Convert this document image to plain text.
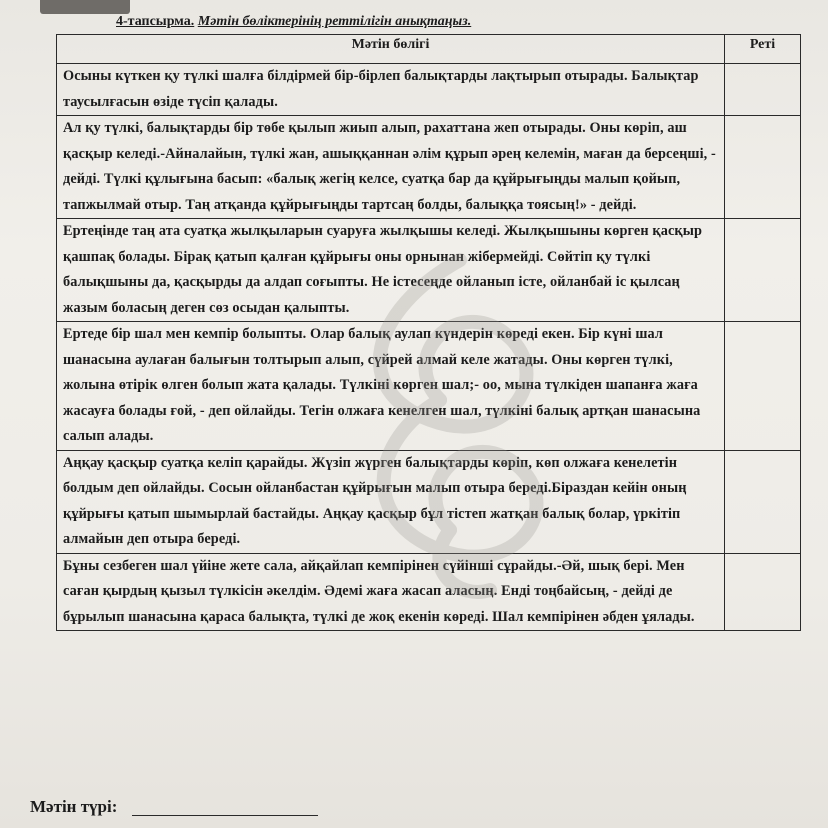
4-тапсырма. Мәтін бөліктерінің реттілігін анықтаңыз.
Мәтін бөлігі	Реті
Осыны күткен қу түлкі шалға білдірмей бір-бірлеп балықтарды лақтырып отырады. Балықтар таусылғасын өзіде түсіп қалады.	
Ал қу түлкі, балықтарды бір төбе қылып жиып алып, рахаттана жеп отырады. Оны көріп, аш қасқыр келеді.-Айналайын, түлкі жан, ашыққаннан әлім құрып әрең келемін, маған да берсеңші, - дейді. Түлкі құлығына басып: «балық жегің келсе, суатқа бар да құйрығыңды малып қойып, тапжылмай отыр. Таң атқанда құйрығыңды тартсаң болды, балыққа тоясың!» - дейді.	
Ертеңінде таң ата суатқа жылқыларын суаруға жылқышы келеді. Жылқышыны көрген қасқыр қашпақ болады. Бірақ қатып қалған құйрығы оны орнынан жібермейді. Сөйтіп қу түлкі балықшыны да, қасқырды да алдап соғыпты. Не істесеңде ойланып істе, ойланбай іс қылсаң жазым боласың деген сөз осыдан қалыпты.	
Ертеде бір шал мен кемпір болыпты. Олар балық аулап күндерін көреді екен. Бір күні шал шанасына аулаған балығын толтырып алып, сүйрей алмай келе жатады. Оны көрген түлкі, жолына өтірік өлген болып жата қалады. Түлкіні көрген шал;- оо, мына түлкіден шапанға жаға жасауға болады ғой, - деп ойлайды. Тегін олжаға кенелген шал, түлкіні балық артқан шанасына салып алады.	
Аңқау қасқыр суатқа келіп қарайды. Жүзіп жүрген балықтарды көріп, көп олжаға кенелетін болдым деп ойлайды. Сосын ойланбастан құйрығын малып отыра береді.Біраздан кейін оның құйрығы қатып шымырлай бастайды. Аңқау қасқыр бұл тістеп жатқан балық болар, үркітіп алмайын деп отыра береді.	
Бұны сезбеген шал үйіне жете сала, айқайлап кемпірінен сүйінші сұрайды.-Әй, шық бері. Мен саған қырдың қызыл түлкісін әкелдім. Әдемі жаға жасап аласың. Енді тоңбайсың, - дейді де бұрылып шанасына қараса балықта, түлкі де жоқ екенін көреді. Шал кемпірінен әбден ұялады.	
Мәтін түрі:
